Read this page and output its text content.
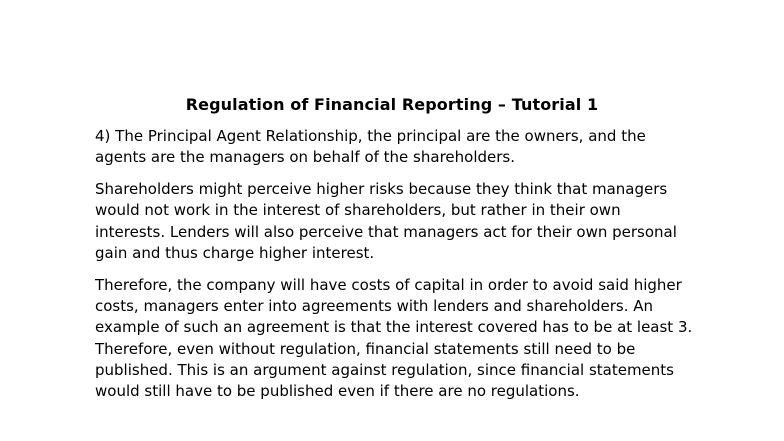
Regulation of Financial Reporting – Tutorial 1

4) The Principal Agent Relationship, the principal are the owners, and the agents are the managers on behalf of the shareholders.

Shareholders might perceive higher risks because they think that managers would not work in the interest of shareholders, but rather in their own interests. Lenders will also perceive that managers act for their own personal gain and thus charge higher interest.

Therefore, the company will have costs of capital in order to avoid said higher costs, managers enter into agreements with lenders and shareholders. An example of such an agreement is that the interest covered has to be at least 3. Therefore, even without regulation, financial statements still need to be published. This is an argument against regulation, since financial statements would still have to be published even if there are no regulations.
